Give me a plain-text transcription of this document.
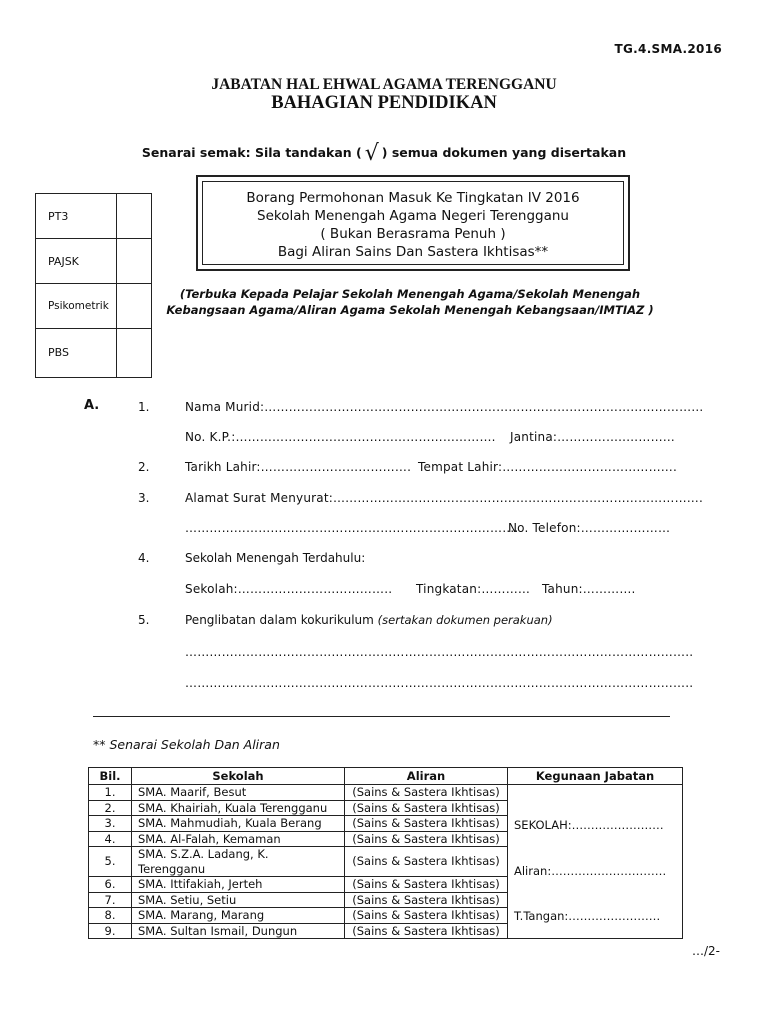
TG.4.SMA.2016
JABATAN HAL EHWAL AGAMA TERENGGANU
BAHAGIAN PENDIDIKAN
Senarai semak: Sila tandakan ( √ ) semua dokumen yang disertakan
PT3
PAJSK
Psikometrik
PBS
Borang Permohonan Masuk Ke Tingkatan IV 2016
Sekolah Menengah Agama Negeri Terengganu
( Bukan Berasrama Penuh )
Bagi Aliran Sains Dan Sastera Ikhtisas**
(Terbuka Kepada Pelajar Sekolah Menengah Agama/Sekolah Menengah
Kebangsaan Agama/Aliran Agama Sekolah Menengah Kebangsaan/IMTIAZ )
A.	1.	Nama Murid:………………………………………………………………………………………………
No. K.P.:………………………………………………………. Jantina:……………..…………
2.	Tarikh Lahir:………………………………. Tempat Lahir:…………………………………….
3.	Alamat Surat Menyurat:……………………………………………………………………………….
……………………………………………………………………….
No. Telefon:………….………
4.	Sekolah Menengah Terdahulu:
Sekolah:……………………………….. Tingkatan:………… Tahun:………….
5.	Penglibatan dalam kokurikulum (sertakan dokumen perakuan)
……………………………………………………………………………………………………………..
……………………………………………………………………………………………………………..
** Senarai Sekolah Dan Aliran
Bil.	Sekolah	Aliran	Kegunaan Jabatan
1.	SMA. Maarif, Besut	(Sains & Sastera Ikhtisas)	SEKOLAH:……………………
Aliran:…………………………
T.Tangan:……………………

2.	SMA. Khairiah, Kuala Terengganu	(Sains & Sastera Ikhtisas)	
3.	SMA. Mahmudiah, Kuala Berang	(Sains & Sastera Ikhtisas)	
4.	SMA. Al-Falah, Kemaman	(Sains & Sastera Ikhtisas)	
5.	SMA. S.Z.A. Ladang, K. Terengganu	(Sains & Sastera Ikhtisas)	
6.	SMA. Ittifakiah, Jerteh	(Sains & Sastera Ikhtisas)	
7.	SMA. Setiu, Setiu	(Sains & Sastera Ikhtisas)	
8.	SMA. Marang, Marang	(Sains & Sastera Ikhtisas)	
9.	SMA. Sultan Ismail, Dungun	(Sains & Sastera Ikhtisas)	
…/2-
